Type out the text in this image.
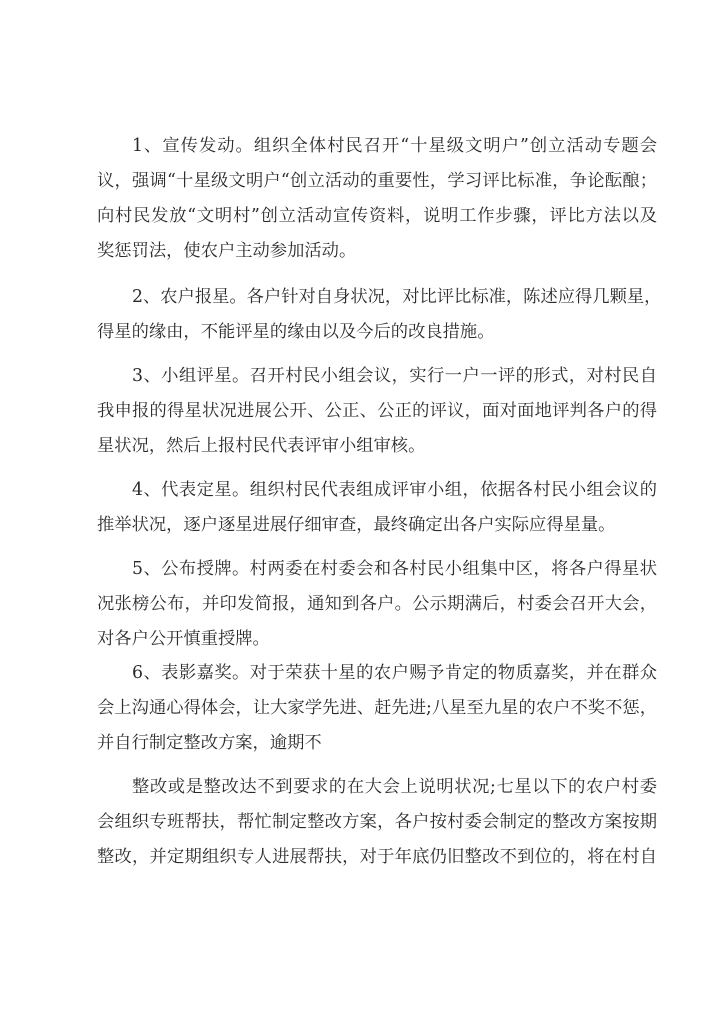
1、宣传发动。组织全体村民召开“十星级文明户”创立活动专题会
议，强调“十星级文明户“创立活动的重要性，学习评比标准，争论酝酿；
向村民发放“文明村”创立活动宣传资料，说明工作步骤，评比方法以及
奖惩罚法，使农户主动参加活动。
2、农户报星。各户针对自身状况，对比评比标准，陈述应得几颗星，
得星的缘由，不能评星的缘由以及今后的改良措施。
3、小组评星。召开村民小组会议，实行一户一评的形式，对村民自
我申报的得星状况进展公开、公正、公正的评议，面对面地评判各户的得
星状况，然后上报村民代表评审小组审核。
4、代表定星。组织村民代表组成评审小组，依据各村民小组会议的
推举状况，逐户逐星进展仔细审查，最终确定出各户实际应得星量。
5、公布授牌。村两委在村委会和各村民小组集中区，将各户得星状
况张榜公布，并印发简报，通知到各户。公示期满后，村委会召开大会，
对各户公开慎重授牌。
6、表影嘉奖。对于荣获十星的农户赐予肯定的物质嘉奖，并在群众
会上沟通心得体会，让大家学先进、赶先进;八星至九星的农户不奖不惩，
并自行制定整改方案，逾期不
整改或是整改达不到要求的在大会上说明状况;七星以下的农户村委
会组织专班帮扶，帮忙制定整改方案，各户按村委会制定的整改方案按期
整改，并定期组织专人进展帮扶，对于年底仍旧整改不到位的，将在村自
